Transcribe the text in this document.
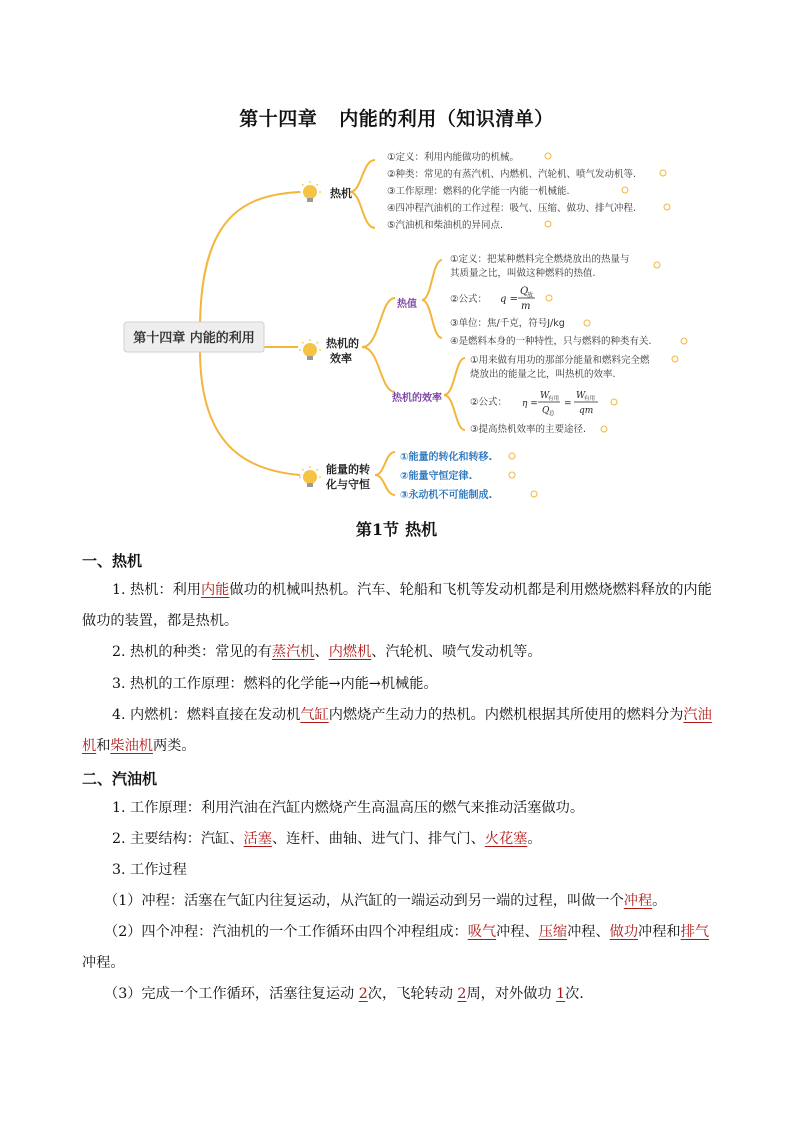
第十四章 内能的利用（知识清单）
第十四章 内能的利用
热机
热机的
效率
能量的转
化与守恒
①定义：利用内能做功的机械。
②种类：常见的有蒸汽机、内燃机、汽轮机、喷气发动机等.
③工作原理：燃料的化学能一内能一机械能.
④四冲程汽油机的工作过程：吸气、压缩、做功、排气冲程.
⑤汽油机和柴油机的异同点.
热值
热机的效率
①定义：把某种燃料完全燃烧放出的热量与
其质量之比，叫做这种燃料的热值.
②公式：
③单位：焦/千克，符号J/kg
④是燃料本身的一种特性，只与燃料的种类有关.
q =
Q
放
m
①用来做有用功的那部分能量和燃料完全燃
烧放出的能量之比，叫热机的效率.
②公式：
③提高热机效率的主要途径.
η =
W
有用
Q 总
=
W
有用
qm
①能量的转化和转移.
②能量守恒定律.
③永动机不可能制成.
第1节 热机
一、热机
1. 热机：利用内能做功的机械叫热机。汽车、轮船和飞机等发动机都是利用燃烧燃料释放的内能做功的装置，都是热机。
2. 热机的种类：常见的有蒸汽机、内燃机、汽轮机、喷气发动机等。
3. 热机的工作原理：燃料的化学能→内能→机械能。
4. 内燃机：燃料直接在发动机气缸内燃烧产生动力的热机。内燃机根据其所使用的燃料分为汽油机和柴油机两类。
二、汽油机
1. 工作原理：利用汽油在汽缸内燃烧产生高温高压的燃气来推动活塞做功。
2. 主要结构：汽缸、活塞、连杆、曲轴、进气门、排气门、火花塞。
3. 工作过程
（1）冲程：活塞在气缸内往复运动，从汽缸的一端运动到另一端的过程，叫做一个冲程。
（2）四个冲程：汽油机的一个工作循环由四个冲程组成：吸气冲程、压缩冲程、做功冲程和排气冲程。
（3）完成一个工作循环，活塞往复运动 2次，飞轮转动 2周，对外做功 1次.
